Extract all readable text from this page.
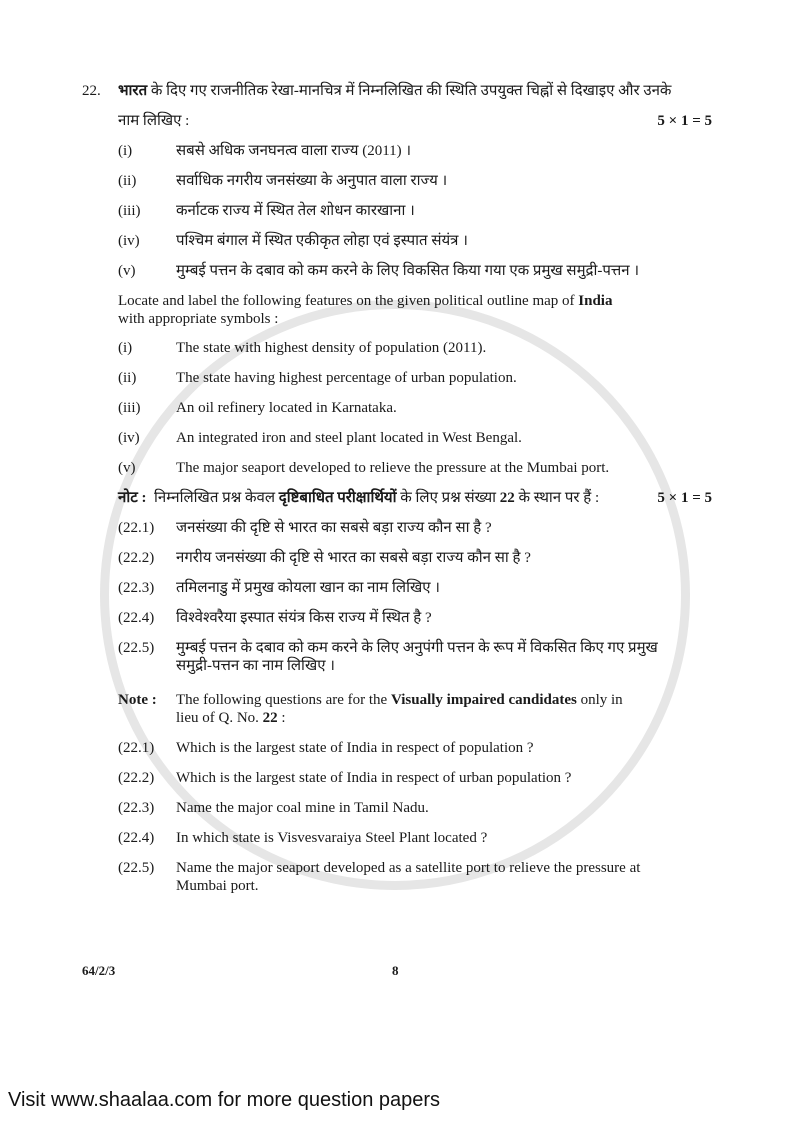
22.	भारत के दिए गए राजनीतिक रेखा-मानचित्र में निम्नलिखित की स्थिति उपयुक्त चिह्नों से दिखाइए और उनके
5 × 1 = 5
नाम लिखिए :
(i)	सबसे अधिक जनघनत्व वाला राज्य (2011) ।
(ii)	सर्वाधिक नगरीय जनसंख्या के अनुपात वाला राज्य ।
(iii)	कर्नाटक राज्य में स्थित तेल शोधन कारखाना ।
(iv)	पश्चिम बंगाल में स्थित एकीकृत लोहा एवं इस्पात संयंत्र ।
(v)	मुम्बई पत्तन के दबाव को कम करने के लिए विकसित किया गया एक प्रमुख समुद्री-पत्तन ।
Locate and label the following features on the given political outline map of India
with appropriate symbols :
(i)	The state with highest density of population (2011).
(ii)	The state having highest percentage of urban population.
(iii)	An oil refinery located in Karnataka.
(iv)	An integrated iron and steel plant located in West Bengal.
(v)	The major seaport developed to relieve the pressure at the Mumbai port.
5 × 1 = 5
नोट : निम्नलिखित प्रश्न केवल दृष्टिबाधित परीक्षार्थियों के लिए प्रश्न संख्या 22 के स्थान पर हैं :
(22.1)	जनसंख्या की दृष्टि से भारत का सबसे बड़ा राज्य कौन सा है ?
(22.2)	नगरीय जनसंख्या की दृष्टि से भारत का सबसे बड़ा राज्य कौन सा है ?
(22.3)	तमिलनाडु में प्रमुख कोयला खान का नाम लिखिए ।
(22.4)	विश्वेश्वरैया इस्पात संयंत्र किस राज्य में स्थित है ?
(22.5)	मुम्बई पत्तन के दबाव को कम करने के लिए अनुपंगी पत्तन के रूप में विकसित किए गए प्रमुख
समुद्री-पत्तन का नाम लिखिए ।
Note :	The following questions are for the Visually impaired candidates only in
lieu of Q. No. 22 :
(22.1)	Which is the largest state of India in respect of population ?
(22.2)	Which is the largest state of India in respect of urban population ?
(22.3)	Name the major coal mine in Tamil Nadu.
(22.4)	In which state is Visvesvaraiya Steel Plant located ?
(22.5)	Name the major seaport developed as a satellite port to relieve the pressure at
Mumbai port.
64/2/3	8
Visit www.shaalaa.com for more question papers
